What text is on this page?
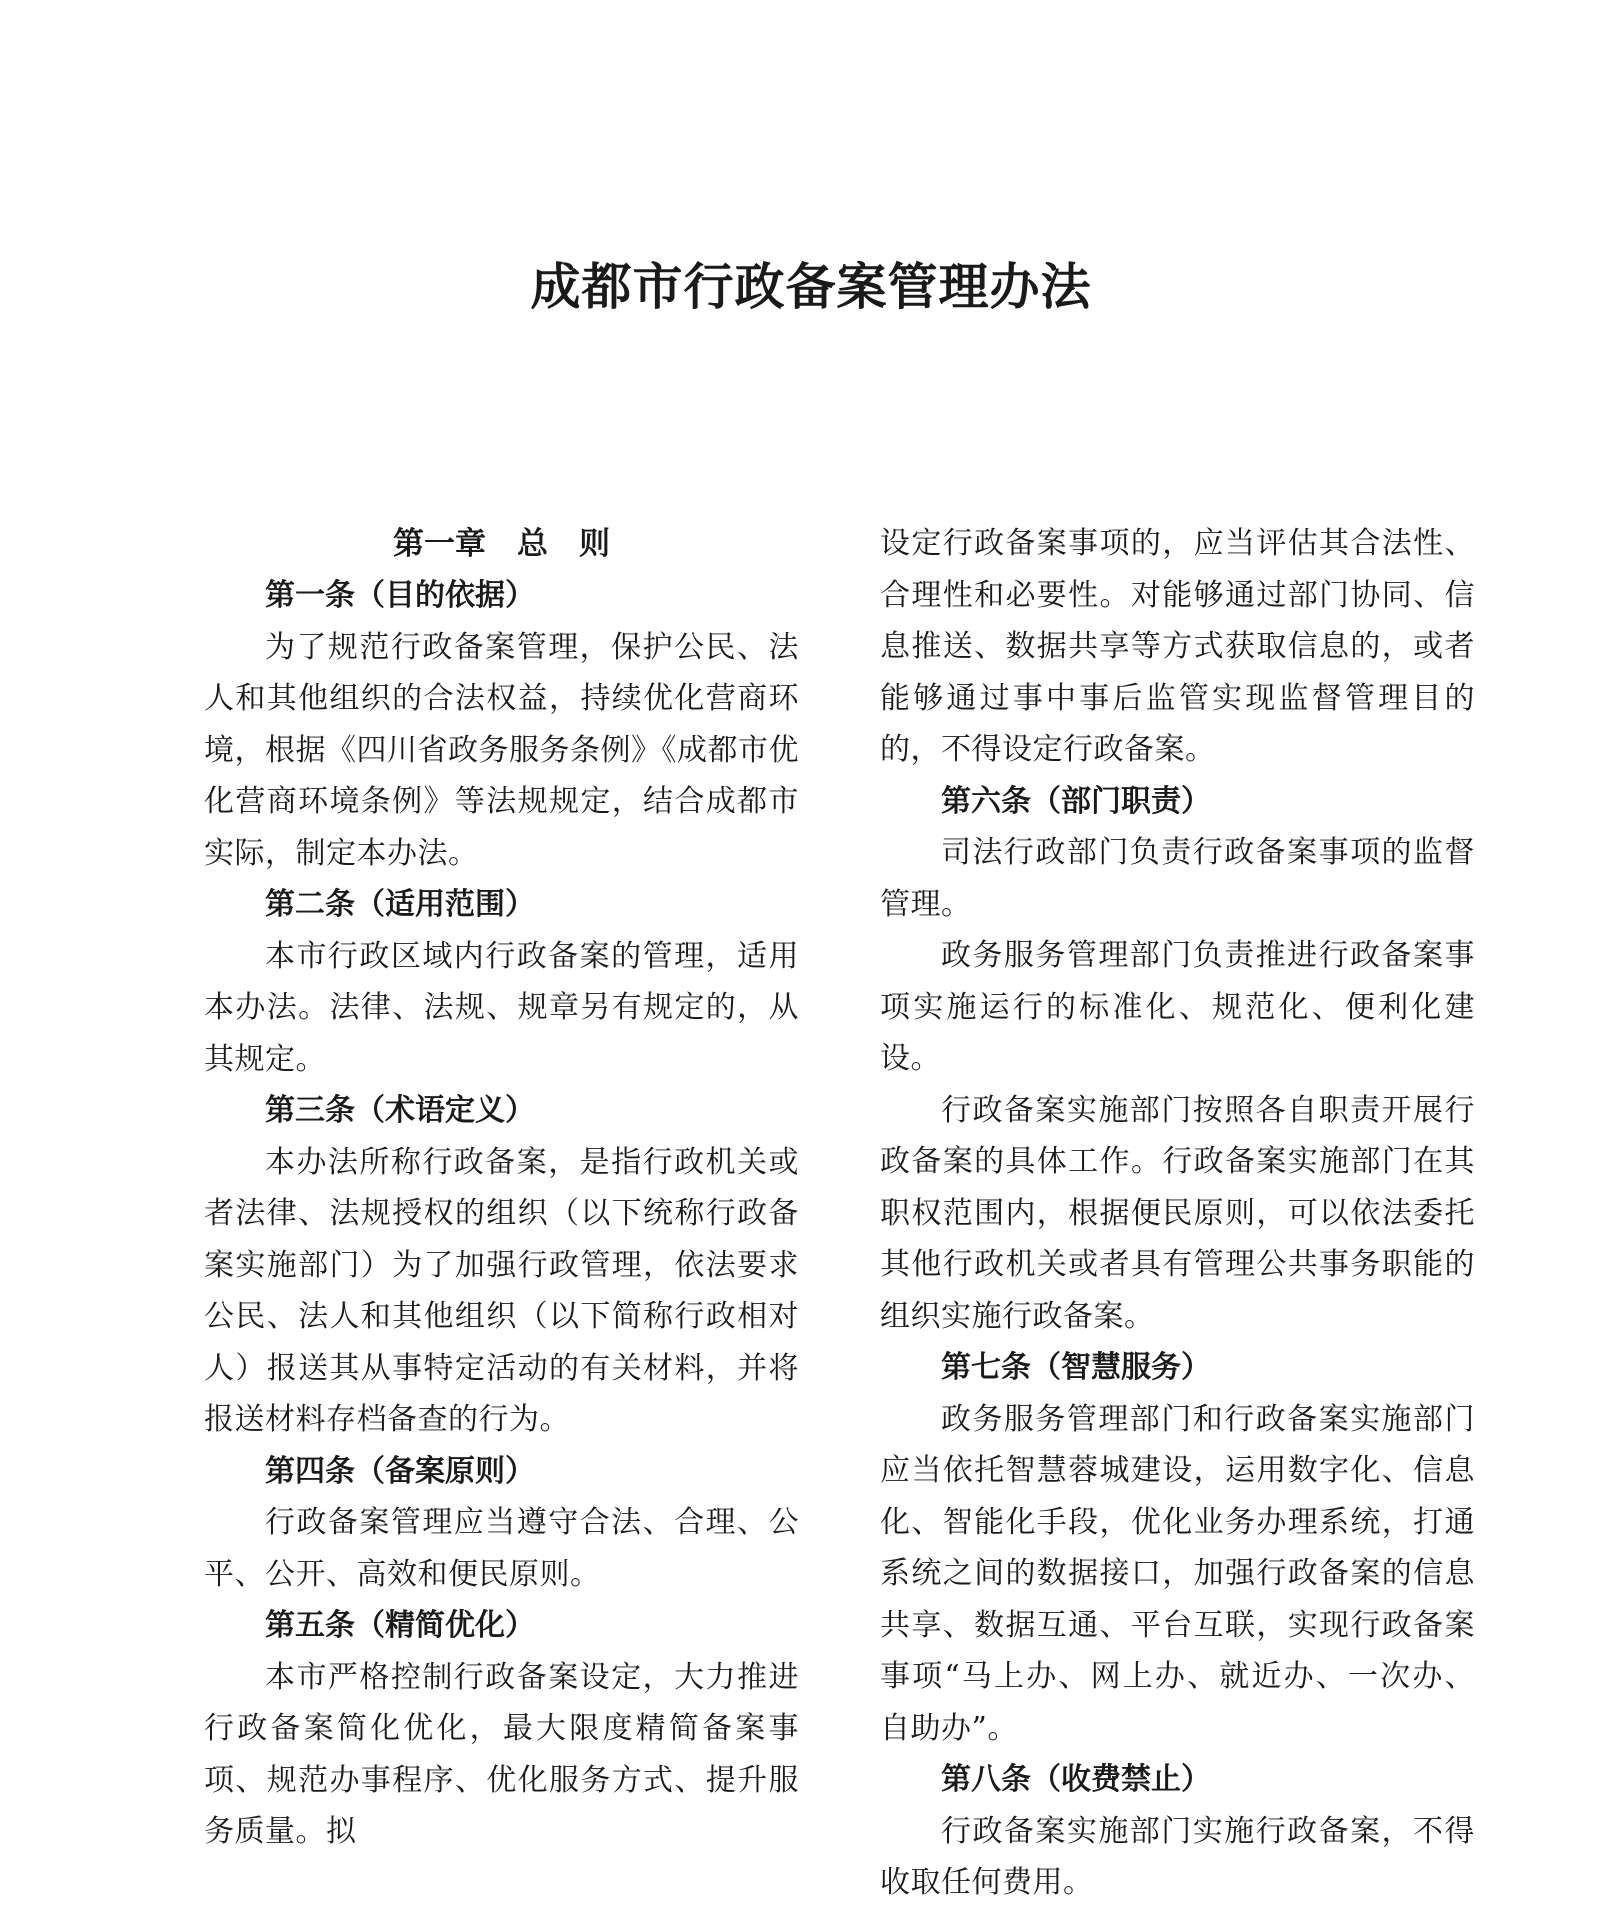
成都市行政备案管理办法
第一章　总　则
第一条（目的依据）

为了规范行政备案管理，保护公民、法人和其他组织的合法权益，持续优化营商环境，根据《四川省政务服务条例》《成都市优化营商环境条例》等法规规定，结合成都市实际，制定本办法。

第二条（适用范围）

本市行政区域内行政备案的管理，适用本办法。法律、法规、规章另有规定的，从其规定。

第三条（术语定义）

本办法所称行政备案，是指行政机关或者法律、法规授权的组织（以下统称行政备案实施部门）为了加强行政管理，依法要求公民、法人和其他组织（以下简称行政相对人）报送其从事特定活动的有关材料，并将报送材料存档备查的行为。

第四条（备案原则）

行政备案管理应当遵守合法、合理、公平、公开、高效和便民原则。

第五条（精简优化）

本市严格控制行政备案设定，大力推进行政备案简化优化，最大限度精简备案事项、规范办事程序、优化服务方式、提升服务质量。拟

设定行政备案事项的，应当评估其合法性、合理性和必要性。对能够通过部门协同、信息推送、数据共享等方式获取信息的，或者能够通过事中事后监管实现监督管理目的的，不得设定行政备案。

第六条（部门职责）

司法行政部门负责行政备案事项的监督管理。

政务服务管理部门负责推进行政备案事项实施运行的标准化、规范化、便利化建设。

行政备案实施部门按照各自职责开展行政备案的具体工作。行政备案实施部门在其职权范围内，根据便民原则，可以依法委托其他行政机关或者具有管理公共事务职能的组织实施行政备案。

第七条（智慧服务）

政务服务管理部门和行政备案实施部门应当依托智慧蓉城建设，运用数字化、信息化、智能化手段，优化业务办理系统，打通系统之间的数据接口，加强行政备案的信息共享、数据互通、平台互联，实现行政备案事项“马上办、网上办、就近办、一次办、自助办”。

第八条（收费禁止）

行政备案实施部门实施行政备案，不得收取任何费用。
